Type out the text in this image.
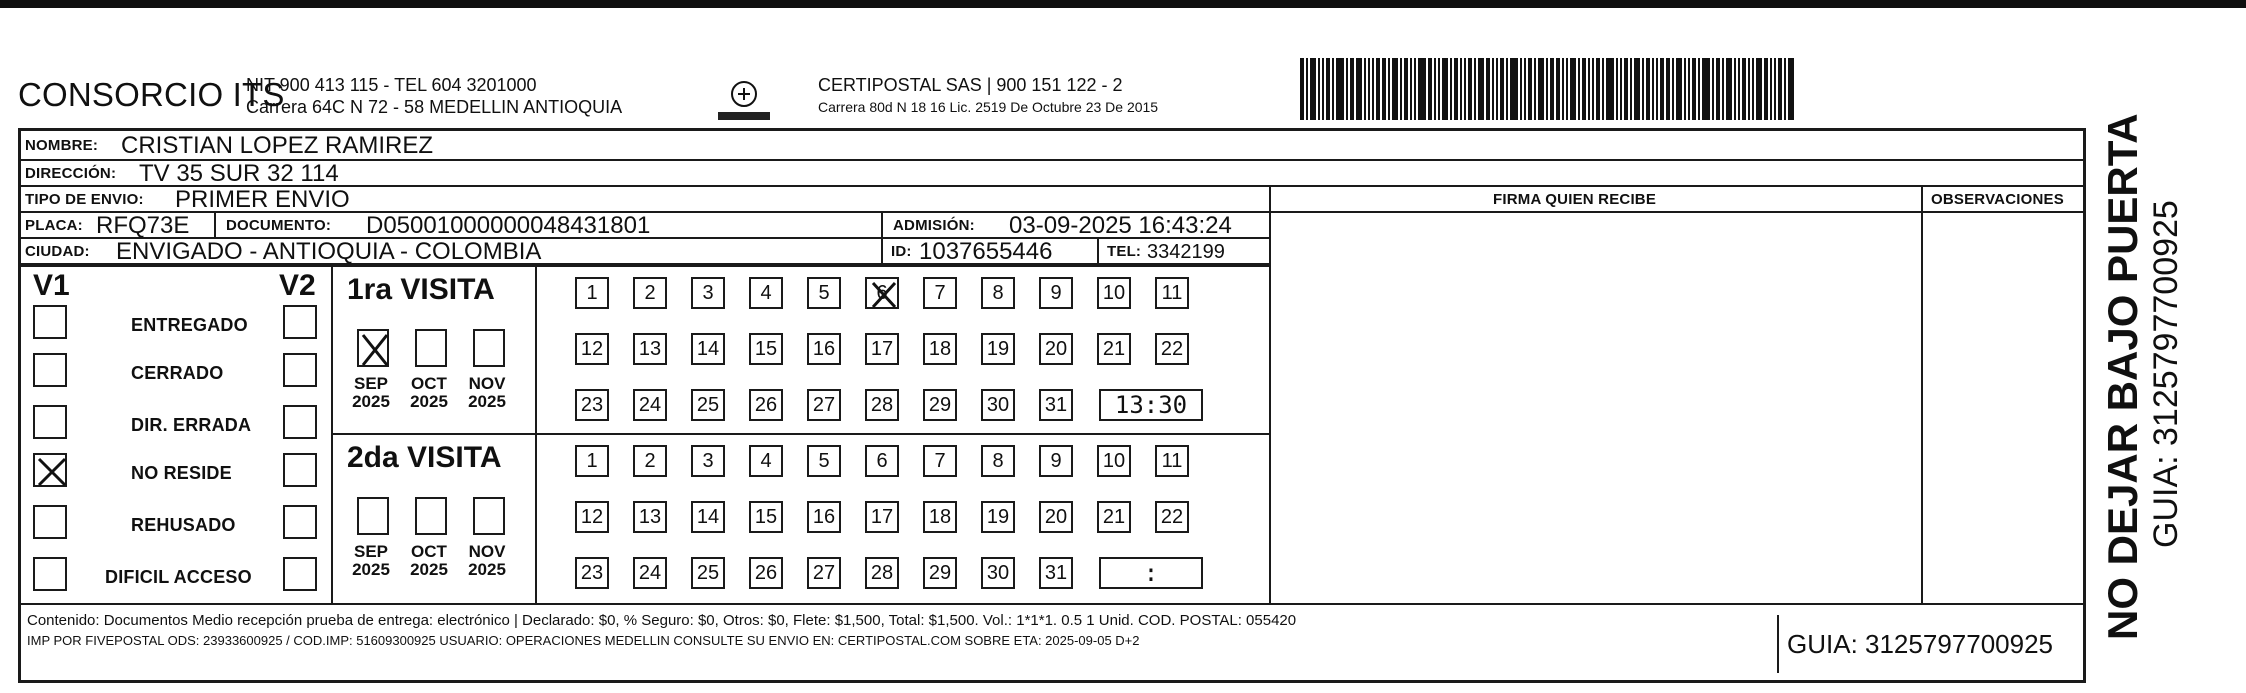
CONSORCIO ITS
NIT 900 413 115 - TEL 604 3201000
Carrera 64C N 72 - 58 MEDELLIN ANTIOQUIA
CERTIPOSTAL SAS | 900 151 122 - 2
Carrera 80d N 18 16 Lic. 2519 De Octubre 23 De 2015
NOMBRE: CRISTIAN LOPEZ RAMIREZ
DIRECCIÓN: TV 35 SUR 32 114
TIPO DE ENVIO: PRIMER ENVIO
PLACA: RFQ73E DOCUMENTO: D05001000000048431801	ADMISIÓN: 03-09-2025 16:43:24
CIUDAD: ENVIGADO - ANTIOQUIA - COLOMBIA	ID: 1037655446	TEL: 3342199
FIRMA QUIEN RECIBE	OBSERVACIONES
V1	V2
ENTREGADO
CERRADO
DIR. ERRADA
NO RESIDE
REHUSADO
DIFICIL ACCESO
1ra VISITA
SEP
2025
OCT
2025
NOV
2025
1	2	3	4	5	6	7	8	9	10	11
12 13 14 15 16 17 18 19 20 21 22
23 24 25 26 27 28 29 30 31	13:30
2da VISITA
SEP
2025
OCT
2025
NOV
2025
1	2	3	4	5	6	7	8	9	10	11
12 13 14 15 16 17 18 19 20 21 22
23 24 25 26 27 28 29 30 31	:
Contenido: Documentos Medio recepción prueba de entrega: electrónico | Declarado: $0, % Seguro: $0, Otros: $0, Flete: $1,500, Total: $1,500. Vol.: 1*1*1. 0.5 1 Unid. COD. POSTAL: 055420
IMP POR FIVEPOSTAL ODS: 23933600925 / COD.IMP: 51609300925 USUARIO: OPERACIONES MEDELLIN CONSULTE SU ENVIO EN: CERTIPOSTAL.COM SOBRE ETA: 2025-09-05 D+2	GUIA: 3125797700925
NO DEJAR BAJO PUERTA GUIA: 3125797700925
